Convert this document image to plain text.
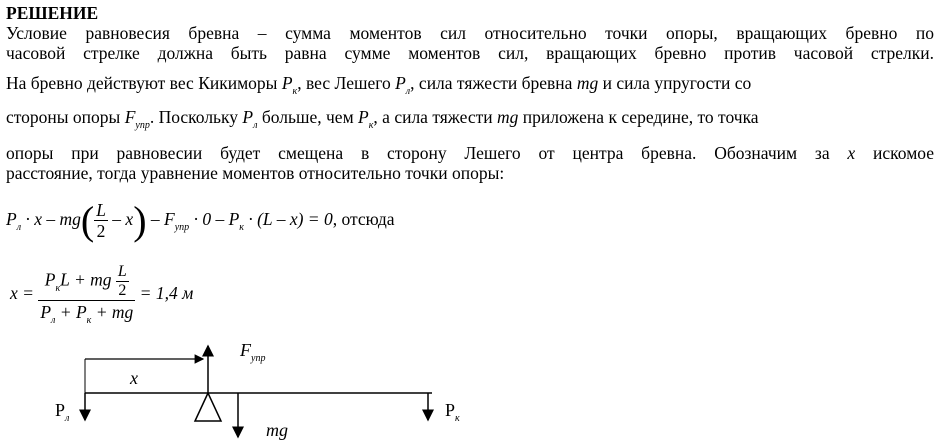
РЕШЕНИЕ
Условие равновесия бревна – сумма моментов сил относительно точки опоры, вращающих бревно по
часовой стрелке должна быть равна сумме моментов сил, вращающих бревно против часовой стрелки.
На бревно действуют вес Кикиморы $P_к$, вес Лешего $P_л$, сила тяжести бревна mg и сила упругости со
стороны опоры $F_{упр}$. Поскольку $P_л$ больше, чем $P_к$, а сила тяжести mg приложена к середине, то точка
опоры при равновесии будет смещена в сторону Лешего от центра бревна. Обозначим за x искомое
расстояние, тогда уравнение моментов относительно точки опоры:
$P_л \cdot x - mg( \frac{L}{2} - x) - F_{упр} \cdot 0 - P_к \cdot (L - x) = 0$, отсюда
$x = \frac{P_кL + mg \frac{L}{2}}{P_л + P_к + mg} = 1,4$ м
$F_{упр}$
x
$P_л$	$P_к$
mg
